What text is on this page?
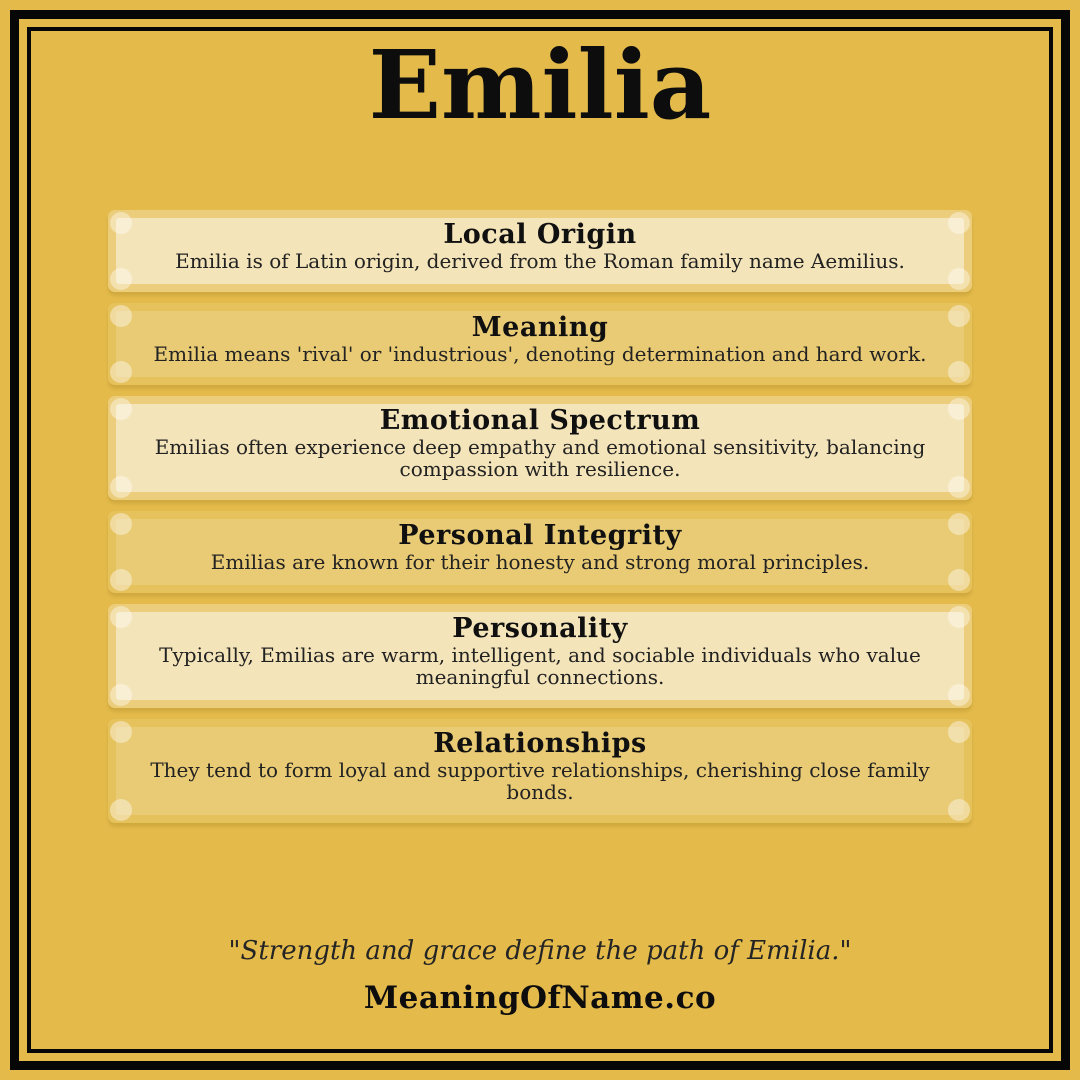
Emilia
Local Origin
Emilia is of Latin origin, derived from the Roman family name Aemilius.
Meaning
Emilia means 'rival' or 'industrious', denoting determination and hard work.
Emotional Spectrum
Emilias often experience deep empathy and emotional sensitivity, balancing compassion with resilience.
Personal Integrity
Emilias are known for their honesty and strong moral principles.
Personality
Typically, Emilias are warm, intelligent, and sociable individuals who value meaningful connections.
Relationships
They tend to form loyal and supportive relationships, cherishing close family bonds.
"Strength and grace define the path of Emilia."
MeaningOfName.co
